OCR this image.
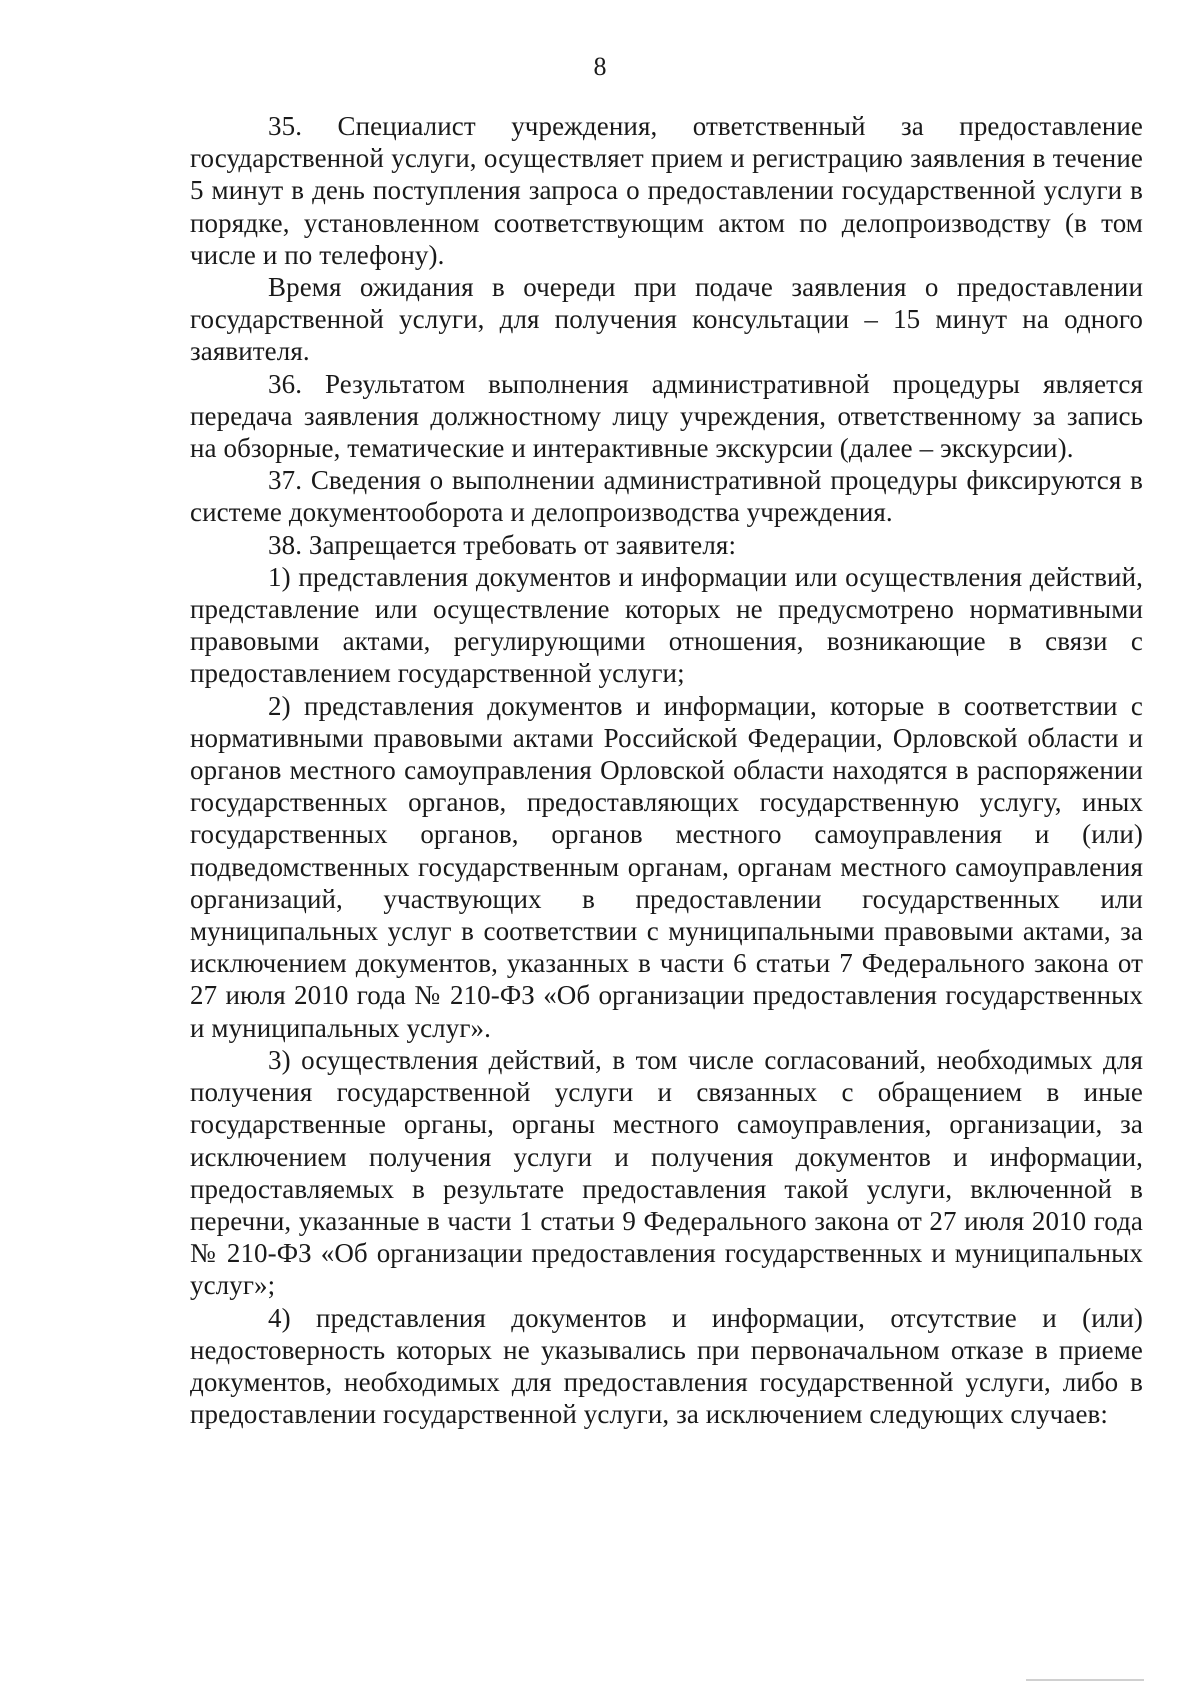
8

35. Специалист учреждения, ответственный за предоставление государственной услуги, осуществляет прием и регистрацию заявления в течение 5 минут в день поступления запроса о предоставлении государственной услуги в порядке, установленном соответствующим актом по делопроизводству (в том числе и по телефону).

Время ожидания в очереди при подаче заявления о предоставлении государственной услуги, для получения консультации – 15 минут на одного заявителя.

36. Результатом выполнения административной процедуры является передача заявления должностному лицу учреждения, ответственному за запись на обзорные, тематические и интерактивные экскурсии (далее – экскурсии).

37. Сведения о выполнении административной процедуры фиксируются в системе документооборота и делопроизводства учреждения.

38. Запрещается требовать от заявителя:

1) представления документов и информации или осуществления действий, представление или осуществление которых не предусмотрено нормативными правовыми актами, регулирующими отношения, возникающие в связи с предоставлением государственной услуги;

2) представления документов и информации, которые в соответствии с нормативными правовыми актами Российской Федерации, Орловской области и органов местного самоуправления Орловской области находятся в распоряжении государственных органов, предоставляющих государственную услугу, иных государственных органов, органов местного самоуправления и (или) подведомственных государственным органам, органам местного самоуправления организаций, участвующих в предоставлении государственных или муниципальных услуг в соответствии с муниципальными правовыми актами, за исключением документов, указанных в части 6 статьи 7 Федерального закона от 27 июля 2010 года № 210-ФЗ «Об организации предоставления государственных и муниципальных услуг».

3) осуществления действий, в том числе согласований, необходимых для получения государственной услуги и связанных с обращением в иные государственные органы, органы местного самоуправления, организации, за исключением получения услуги и получения документов и информации, предоставляемых в результате предоставления такой услуги, включенной в перечни, указанные в части 1 статьи 9 Федерального закона от 27 июля 2010 года № 210-ФЗ «Об организации предоставления государственных и муниципальных услуг»;

4) представления документов и информации, отсутствие и (или) недостоверность которых не указывались при первоначальном отказе в приеме документов, необходимых для предоставления государственной услуги, либо в предоставлении государственной услуги, за исключением следующих случаев:
